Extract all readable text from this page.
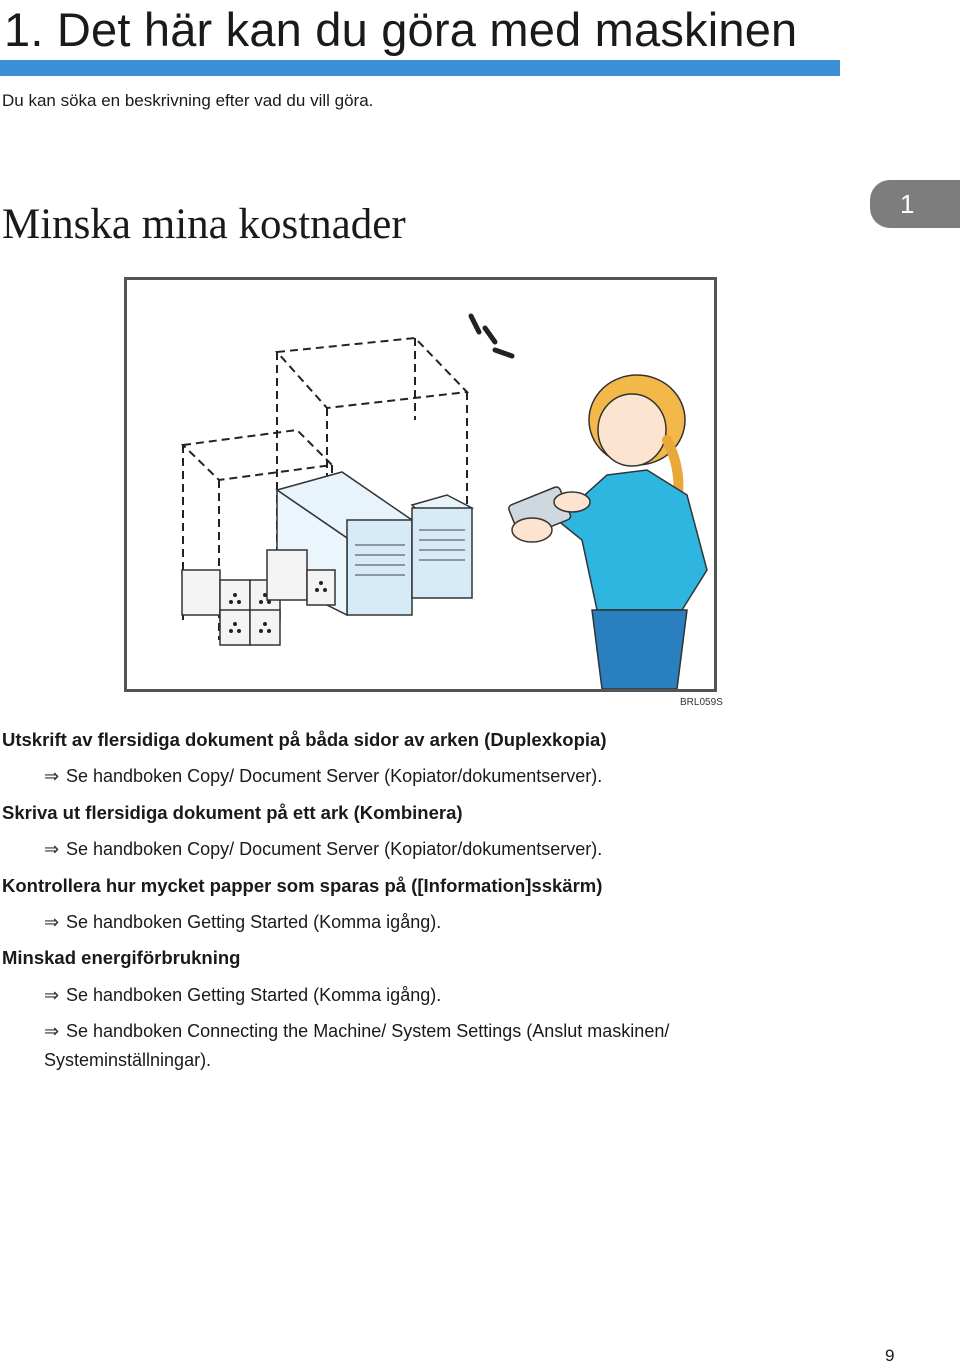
1. Det här kan du göra med maskinen
Du kan söka en beskrivning efter vad du vill göra.
Minska mina kostnader	1
BRL059S
Utskrift av flersidiga dokument på båda sidor av arken (Duplexkopia)
⇒ Se handboken Copy/ Document Server (Kopiator/dokumentserver).
Skriva ut flersidiga dokument på ett ark (Kombinera)
⇒ Se handboken Copy/ Document Server (Kopiator/dokumentserver).
Kontrollera hur mycket papper som sparas på ([Information]sskärm)
⇒ Se handboken Getting Started (Komma igång).
Minskad energiförbrukning
⇒ Se handboken Getting Started (Komma igång).
⇒ Se handboken Connecting the Machine/ System Settings (Anslut maskinen/ Systeminställningar).
9
